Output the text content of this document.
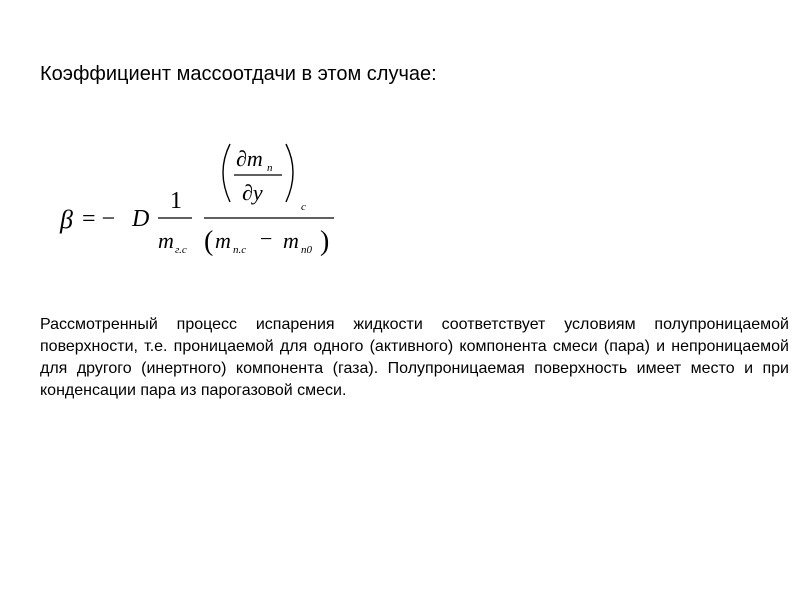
Коэффициент массоотдачи в этом случае:
β = − D
1
m г.с
∂m п
∂y
c
( m п.с − m п0 )
Рассмотренный процесс испарения жидкости соответствует условиям полупроницаемой поверхности, т.е. проницаемой для одного (активного) компонента смеси (пара) и непроницаемой для другого (инертного) компонента (газа). Полупроницаемая поверхность имеет место и при конденсации пара из парогазовой смеси.
